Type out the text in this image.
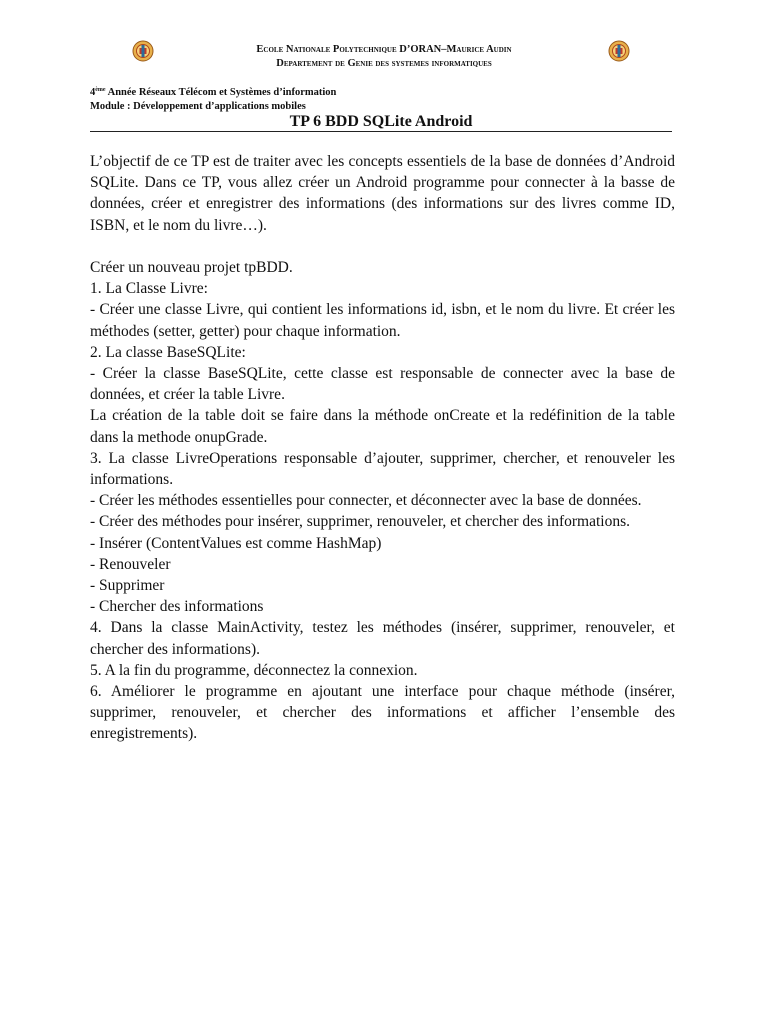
Ecole Nationale Polytechnique D’ORAN–Maurice Audin
Departement de Genie des systemes informatiques
4ème Année Réseaux Télécom et Systèmes d’information
Module : Développement d’applications mobiles
TP 6 BDD SQLite Android

L’objectif de ce TP est de traiter avec les concepts essentiels de la base de données d’Android SQLite. Dans ce TP, vous allez créer un Android programme pour connecter à la basse de données, créer et enregistrer des informations (des informations sur des livres comme ID, ISBN, et le nom du livre…).

Créer un nouveau projet tpBDD.

1. La Classe Livre:

- Créer une classe Livre, qui contient les informations id, isbn, et le nom du livre. Et créer les méthodes (setter, getter) pour chaque information.

2. La classe BaseSQLite:

- Créer la classe BaseSQLite, cette classe est responsable de connecter avec la base de données, et créer la table Livre.

La création de la table doit se faire dans la méthode onCreate et la redéfinition de la table dans la methode onupGrade.

3. La classe LivreOperations responsable d’ajouter, supprimer, chercher, et renouveler les informations.

- Créer les méthodes essentielles pour connecter, et déconnecter avec la base de données.

- Créer des méthodes pour insérer, supprimer, renouveler, et chercher des informations.

- Insérer (ContentValues est comme HashMap)

- Renouveler

- Supprimer

- Chercher des informations

4. Dans la classe MainActivity, testez les méthodes (insérer, supprimer, renouveler, et chercher des informations).

5. A la fin du programme, déconnectez la connexion.

6. Améliorer le programme en ajoutant une interface pour chaque méthode (insérer, supprimer, renouveler, et chercher des informations et afficher l’ensemble des enregistrements).
